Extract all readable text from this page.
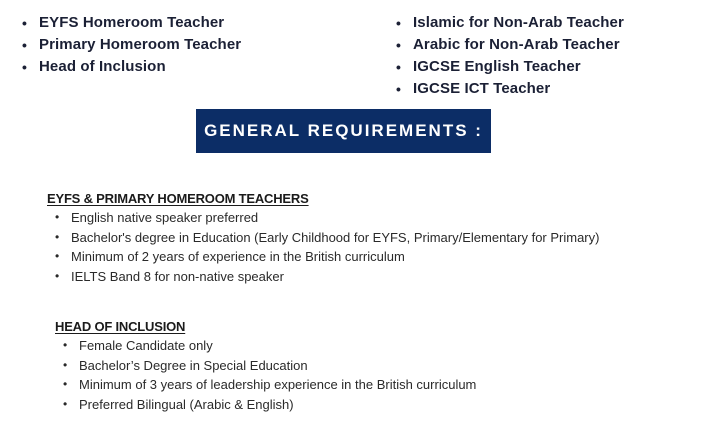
• EYFS Homeroom Teacher
• Primary Homeroom Teacher
• Head of Inclusion
• Islamic for Non-Arab Teacher
• Arabic for Non-Arab Teacher
• IGCSE English Teacher
• IGCSE ICT Teacher
GENERAL REQUIREMENTS :
EYFS & PRIMARY HOMEROOM TEACHERS
• English native speaker preferred
• Bachelor's degree in Education (Early Childhood for EYFS, Primary/Elementary for Primary)
• Minimum of 2 years of experience in the British curriculum
• IELTS Band 8 for non-native speaker
HEAD OF INCLUSION
• Female Candidate only
• Bachelor’s Degree in Special Education
• Minimum of 3 years of leadership experience in the British curriculum
• Preferred Bilingual (Arabic & English)
